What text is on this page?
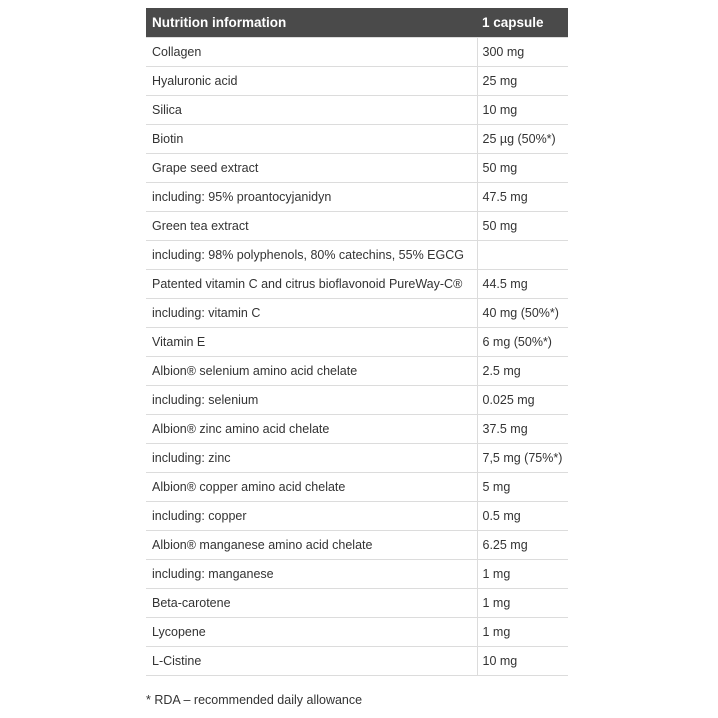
Nutrition information	1 capsule
Collagen	300 mg
Hyaluronic acid	25 mg
Silica	10 mg
Biotin	25 µg (50%*)
Grape seed extract	50 mg
including: 95% proantocyjanidyn	47.5 mg
Green tea extract	50 mg
including: 98% polyphenols, 80% catechins, 55% EGCG	
Patented vitamin C and citrus bioflavonoid PureWay-C®	44.5 mg
including: vitamin C	40 mg (50%*)
Vitamin E	6 mg (50%*)
Albion® selenium amino acid chelate	2.5 mg
including: selenium	0.025 mg
Albion® zinc amino acid chelate	37.5 mg
including: zinc	7,5 mg (75%*)
Albion® copper amino acid chelate	5 mg
including: copper	0.5 mg
Albion® manganese amino acid chelate	6.25 mg
including: manganese	1 mg
Beta-carotene	1 mg
Lycopene	1 mg
L-Cistine	10 mg
* RDA – recommended daily allowance
